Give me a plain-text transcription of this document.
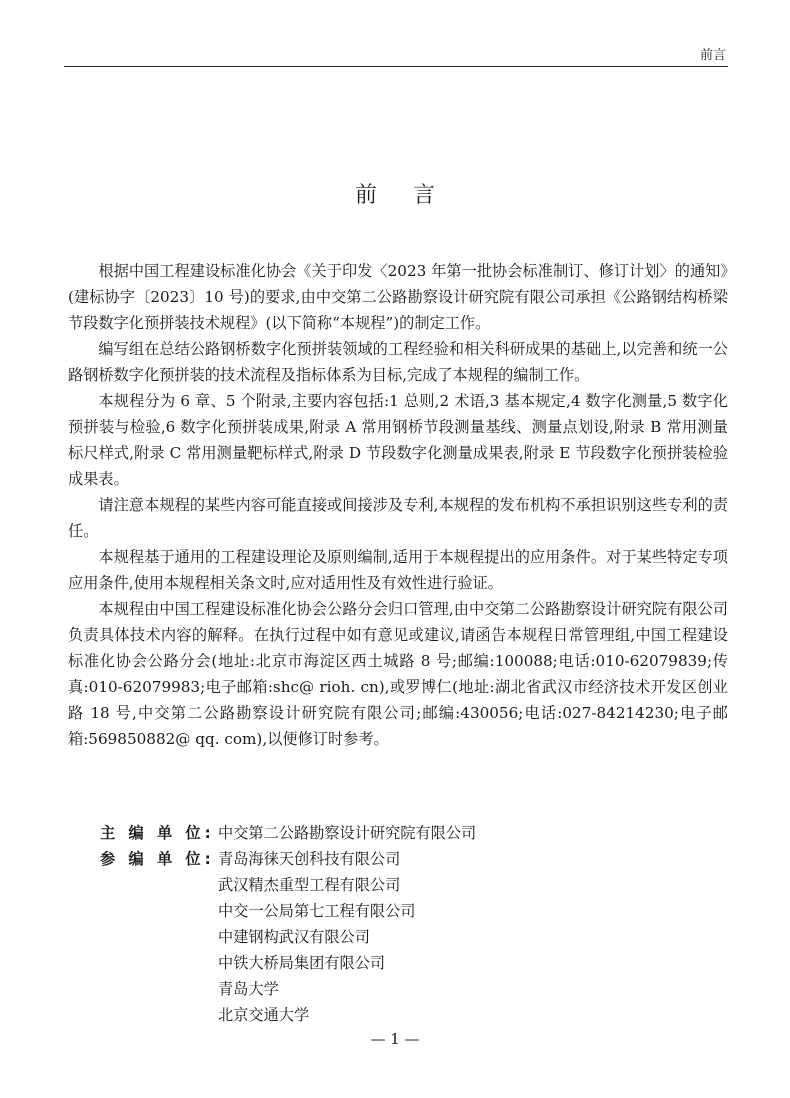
前言
前言

根据中国工程建设标准化协会《关于印发〈2023 年第一批协会标准制订、修订计划〉的通知》(建标协字〔2023〕10 号)的要求,由中交第二公路勘察设计研究院有限公司承担《公路钢结构桥梁节段数字化预拼装技术规程》(以下简称“本规程”)的制定工作。

编写组在总结公路钢桥数字化预拼装领域的工程经验和相关科研成果的基础上,以完善和统一公路钢桥数字化预拼装的技术流程及指标体系为目标,完成了本规程的编制工作。

本规程分为 6 章、5 个附录,主要内容包括:1 总则,2 术语,3 基本规定,4 数字化测量,5 数字化预拼装与检验,6 数字化预拼装成果,附录 A 常用钢桥节段测量基线、测量点划设,附录 B 常用测量标尺样式,附录 C 常用测量靶标样式,附录 D 节段数字化测量成果表,附录 E 节段数字化预拼装检验成果表。

请注意本规程的某些内容可能直接或间接涉及专利,本规程的发布机构不承担识别这些专利的责任。

本规程基于通用的工程建设理论及原则编制,适用于本规程提出的应用条件。对于某些特定专项应用条件,使用本规程相关条文时,应对适用性及有效性进行验证。

本规程由中国工程建设标准化协会公路分会归口管理,由中交第二公路勘察设计研究院有限公司负责具体技术内容的解释。在执行过程中如有意见或建议,请函告本规程日常管理组,中国工程建设标准化协会公路分会(地址:北京市海淀区西土城路 8 号;邮编:100088;电话:010-62079839;传真:010-62079983;电子邮箱:shc@ rioh. cn),或罗博仁(地址:湖北省武汉市经济技术开发区创业路 18 号,中交第二公路勘察设计研究院有限公司;邮编:430056;电话:027-84214230;电子邮箱:569850882@ qq. com),以便修订时参考。

主 编 单 位: 中交第二公路勘察设计研究院有限公司
参 编 单 位: 青岛海徕天创科技有限公司
武汉精杰重型工程有限公司
中交一公局第七工程有限公司
中建钢构武汉有限公司
中铁大桥局集团有限公司
青岛大学
北京交通大学
— 1 —
